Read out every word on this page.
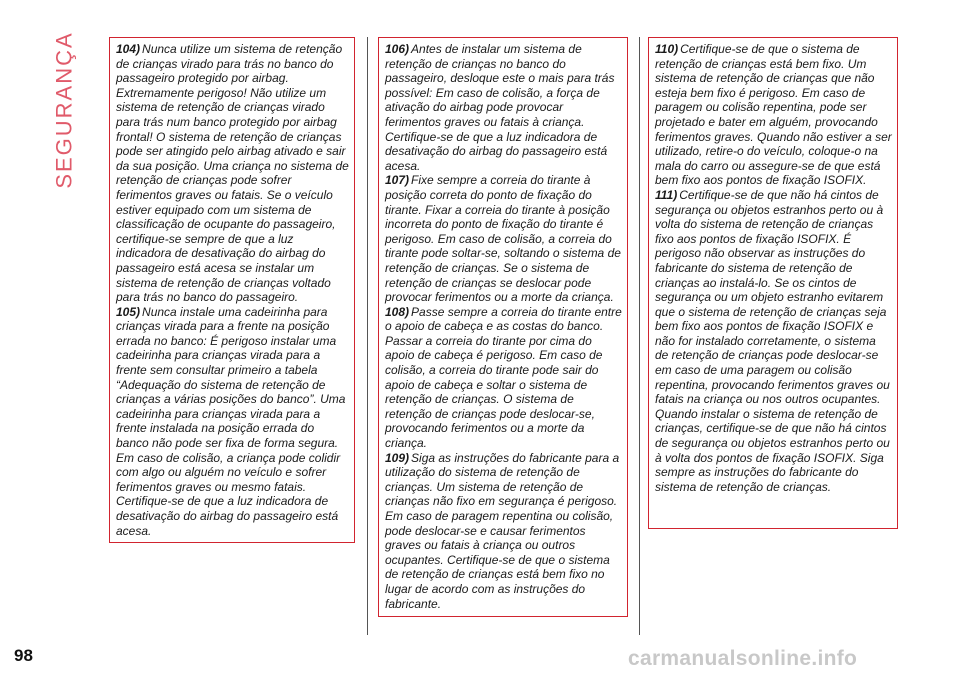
SEGURANÇA	104) Nunca utilize um sistema de retenção de crianças virado para trás no banco do passageiro protegido por airbag. Extremamente perigoso! Não utilize um sistema de retenção de crianças virado para trás num banco protegido por airbag frontal! O sistema de retenção de crianças pode ser atingido pelo airbag ativado e sair da sua posição. Uma criança no sistema de retenção de crianças pode sofrer ferimentos graves ou fatais. Se o veículo estiver equipado com um sistema de classificação de ocupante do passageiro, certifique-se sempre de que a luz indicadora de desativação do airbag do passageiro está acesa se instalar um sistema de retenção de crianças voltado para trás no banco do passageiro.

105) Nunca instale uma cadeirinha para crianças virada para a frente na posição errada no banco: É perigoso instalar uma cadeirinha para crianças virada para a frente sem consultar primeiro a tabela “Adequação do sistema de retenção de crianças a várias posições do banco”. Uma cadeirinha para crianças virada para a frente instalada na posição errada do banco não pode ser fixa de forma segura. Em caso de colisão, a criança pode colidir com algo ou alguém no veículo e sofrer ferimentos graves ou mesmo fatais. Certifique-se de que a luz indicadora de desativação do airbag do passageiro está acesa.

106) Antes de instalar um sistema de retenção de crianças no banco do passageiro, desloque este o mais para trás possível: Em caso de colisão, a força de ativação do airbag pode provocar ferimentos graves ou fatais à criança. Certifique-se de que a luz indicadora de desativação do airbag do passageiro está acesa.

107) Fixe sempre a correia do tirante à posição correta do ponto de fixação do tirante. Fixar a correia do tirante à posição incorreta do ponto de fixação do tirante é perigoso. Em caso de colisão, a correia do tirante pode soltar-se, soltando o sistema de retenção de crianças. Se o sistema de retenção de crianças se deslocar pode provocar ferimentos ou a morte da criança.

108) Passe sempre a correia do tirante entre o apoio de cabeça e as costas do banco. Passar a correia do tirante por cima do apoio de cabeça é perigoso. Em caso de colisão, a correia do tirante pode sair do apoio de cabeça e soltar o sistema de retenção de crianças. O sistema de retenção de crianças pode deslocar-se, provocando ferimentos ou a morte da criança.

109) Siga as instruções do fabricante para a utilização do sistema de retenção de crianças. Um sistema de retenção de crianças não fixo em segurança é perigoso. Em caso de paragem repentina ou colisão, pode deslocar-se e causar ferimentos graves ou fatais à criança ou outros ocupantes. Certifique-se de que o sistema de retenção de crianças está bem fixo no lugar de acordo com as instruções do fabricante.

110) Certifique-se de que o sistema de retenção de crianças está bem fixo. Um sistema de retenção de crianças que não esteja bem fixo é perigoso. Em caso de paragem ou colisão repentina, pode ser projetado e bater em alguém, provocando ferimentos graves. Quando não estiver a ser utilizado, retire-o do veículo, coloque-o na mala do carro ou assegure-se de que está bem fixo aos pontos de fixação ISOFIX.

111) Certifique-se de que não há cintos de segurança ou objetos estranhos perto ou à volta do sistema de retenção de crianças fixo aos pontos de fixação ISOFIX. É perigoso não observar as instruções do fabricante do sistema de retenção de crianças ao instalá-lo. Se os cintos de segurança ou um objeto estranho evitarem que o sistema de retenção de crianças seja bem fixo aos pontos de fixação ISOFIX e não for instalado corretamente, o sistema de retenção de crianças pode deslocar-se em caso de uma paragem ou colisão repentina, provocando ferimentos graves ou fatais na criança ou nos outros ocupantes. Quando instalar o sistema de retenção de crianças, certifique-se de que não há cintos de segurança ou objetos estranhos perto ou à volta dos pontos de fixação ISOFIX. Siga sempre as instruções do fabricante do sistema de retenção de crianças.

98	carmanualsonline.info
